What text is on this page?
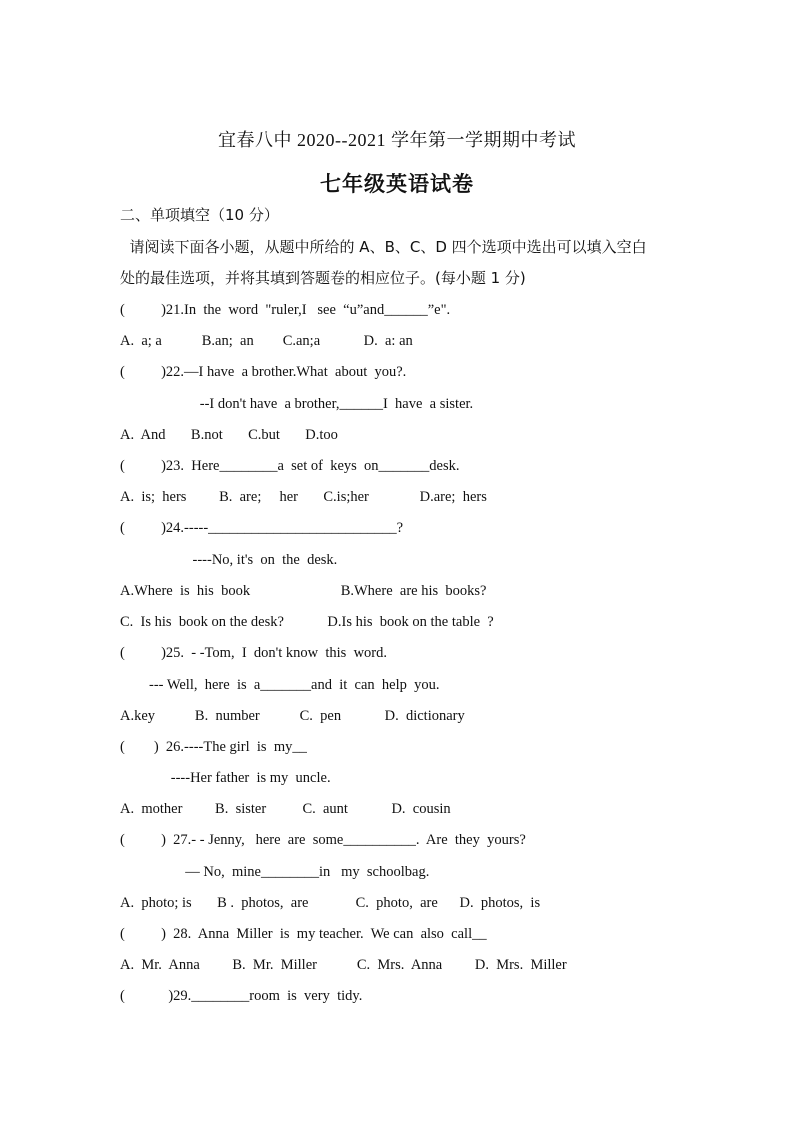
宜春八中 2020--2021 学年第一学期期中考试
七年级英语试卷
二、单项填空（10 分）
请阅读下面各小题，从题中所给的 A、B、C、D 四个选项中选出可以填入空白
处的最佳选项，并将其填到答题卷的相应位子。(每小题 1 分)
(          )21.In  the  word  "ruler,I   see  “u”and______”e".
A.  a; a           B.an;  an        C.an;a            D.  a: an
(          )22.—I have  a brother.What  about  you?.
--I don't have  a brother,______I  have  a sister.
A.  And       B.not       C.but       D.too
(          )23.  Here________a  set of  keys  on_______desk.
A.  is;  hers         B.  are;     her       C.is;her              D.are;  hers
(          )24.-----__________________________?
----No, it's  on  the  desk.
A.Where  is  his  book                         B.Where  are his  books?
C.  Is his  book on the desk?            D.Is his  book on the table  ?
(          )25.  - -Tom,  I  don't know  this  word.
--- Well,  here  is  a_______and  it  can  help  you.
A.key           B.  number           C.  pen            D.  dictionary
(        )  26.----The girl  is  my__
----Her father  is my  uncle.
A.  mother         B.  sister          C.  aunt            D.  cousin
(          )  27.- - Jenny,   here  are  some__________.  Are  they  yours?
— No,  mine________in   my  schoolbag.
A.  photo; is       B .  photos,  are             C.  photo,  are      D.  photos,  is
(          )  28.  Anna  Miller  is  my teacher.  We can  also  call__
A.  Mr.  Anna         B.  Mr.  Miller           C.  Mrs.  Anna         D.  Mrs.  Miller
(            )29.________room  is  very  tidy.
